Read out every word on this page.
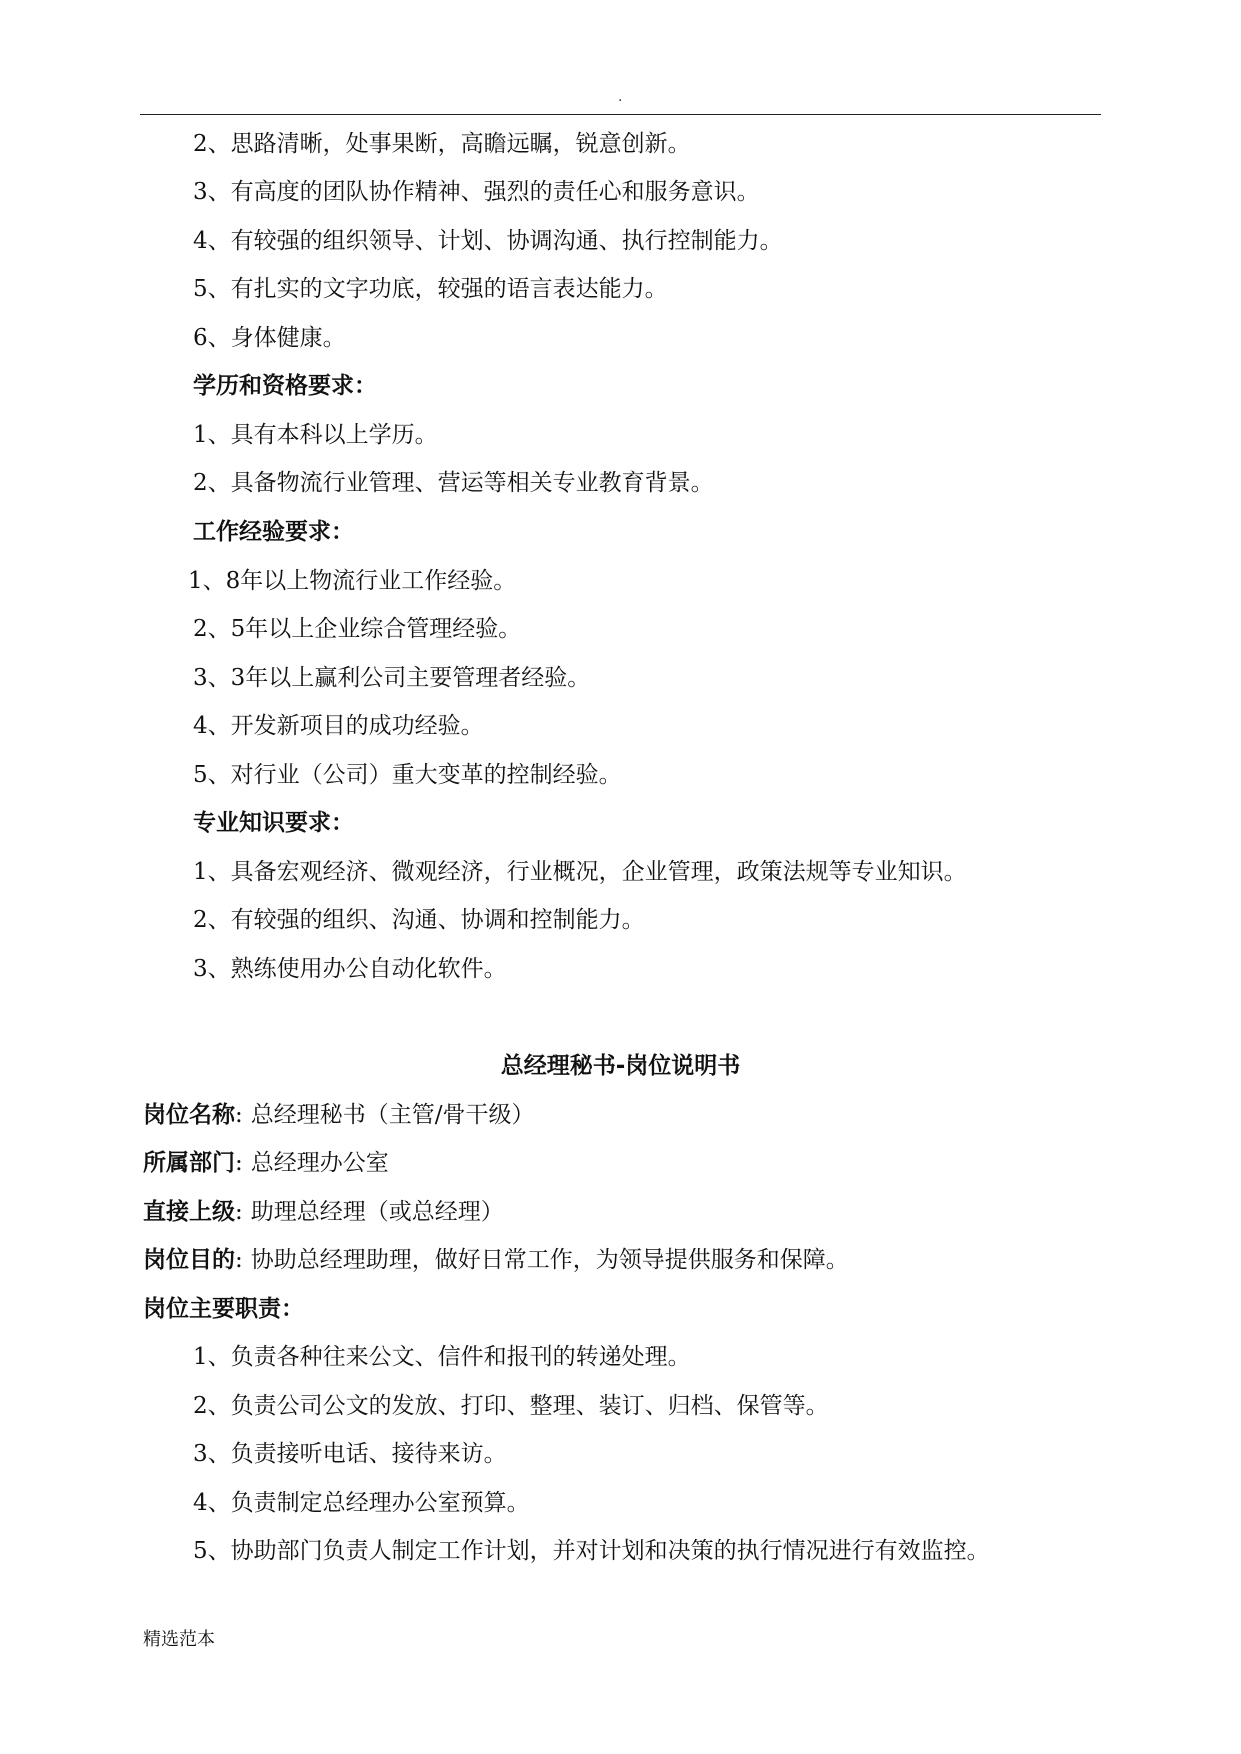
.
2、思路清晰，处事果断，高瞻远瞩，锐意创新。
3、有高度的团队协作精神、强烈的责任心和服务意识。
4、有较强的组织领导、计划、协调沟通、执行控制能力。
5、有扎实的文字功底，较强的语言表达能力。
6、身体健康。
学历和资格要求：
1、具有本科以上学历。
2、具备物流行业管理、营运等相关专业教育背景。
工作经验要求：
1、8年以上物流行业工作经验。
2、5年以上企业综合管理经验。
3、3年以上赢利公司主要管理者经验。
4、开发新项目的成功经验。
5、对行业（公司）重大变革的控制经验。
专业知识要求：
1、具备宏观经济、微观经济，行业概况，企业管理，政策法规等专业知识。
2、有较强的组织、沟通、协调和控制能力。
3、熟练使用办公自动化软件。
总经理秘书-岗位说明书
岗位名称: 总经理秘书（主管/骨干级）
所属部门: 总经理办公室
直接上级: 助理总经理（或总经理）
岗位目的: 协助总经理助理，做好日常工作，为领导提供服务和保障。
岗位主要职责：
1、负责各种往来公文、信件和报刊的转递处理。
2、负责公司公文的发放、打印、整理、装订、归档、保管等。
3、负责接听电话、接待来访。
4、负责制定总经理办公室预算。
5、协助部门负责人制定工作计划，并对计划和决策的执行情况进行有效监控。
精选范本
